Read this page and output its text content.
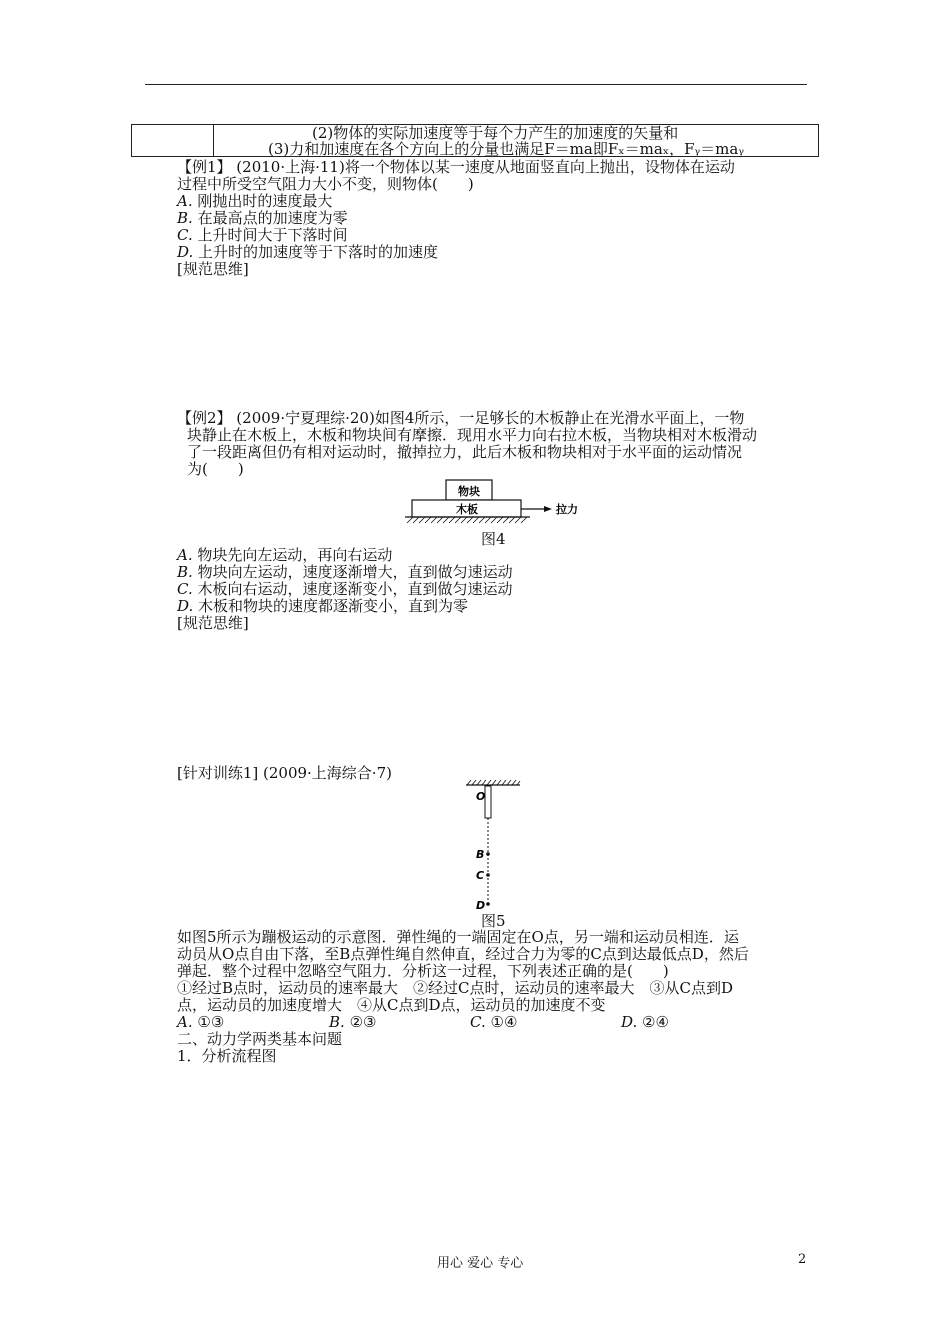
(2)物体的实际加速度等于每个力产生的加速度的矢量和
(3)力和加速度在各个方向上的分量也满足F＝ma即Fₓ＝maₓ，Fᵧ＝maᵧ
【例1】 (2010·上海·11)将一个物体以某一速度从地面竖直向上抛出，设物体在运动
过程中所受空气阻力大小不变，则物体(　　)
A. 刚抛出时的速度最大
B. 在最高点的加速度为零
C. 上升时间大于下落时间
D. 上升时的加速度等于下落时的加速度
[规范思维]
【例2】 (2009·宁夏理综·20)如图4所示，一足够长的木板静止在光滑水平面上，一物
块静止在木板上，木板和物块间有摩擦．现用水平力向右拉木板，当物块相对木板滑动
了一段距离但仍有相对运动时，撤掉拉力，此后木板和物块相对于水平面的运动情况
为(　　)
物块
木板	拉力
图4
A. 物块先向左运动，再向右运动
B. 物块向左运动，速度逐渐增大，直到做匀速运动
C. 木板向右运动，速度逐渐变小，直到做匀速运动
D. 木板和物块的速度都逐渐变小，直到为零
[规范思维]
[针对训练1] (2009·上海综合·7)
O
B
C
D
图5
如图5所示为蹦极运动的示意图．弹性绳的一端固定在O点，另一端和运动员相连．运
动员从O点自由下落，至B点弹性绳自然伸直，经过合力为零的C点到达最低点D，然后
弹起．整个过程中忽略空气阻力．分析这一过程，下列表述正确的是(　　)
①经过B点时，运动员的速率最大　②经过C点时，运动员的速率最大　③从C点到D
点，运动员的加速度增大　④从C点到D点，运动员的加速度不变
A. ①③	B. ②③	C. ①④	D. ②④
二、动力学两类基本问题
1．分析流程图
用心 爱心 专心	2
